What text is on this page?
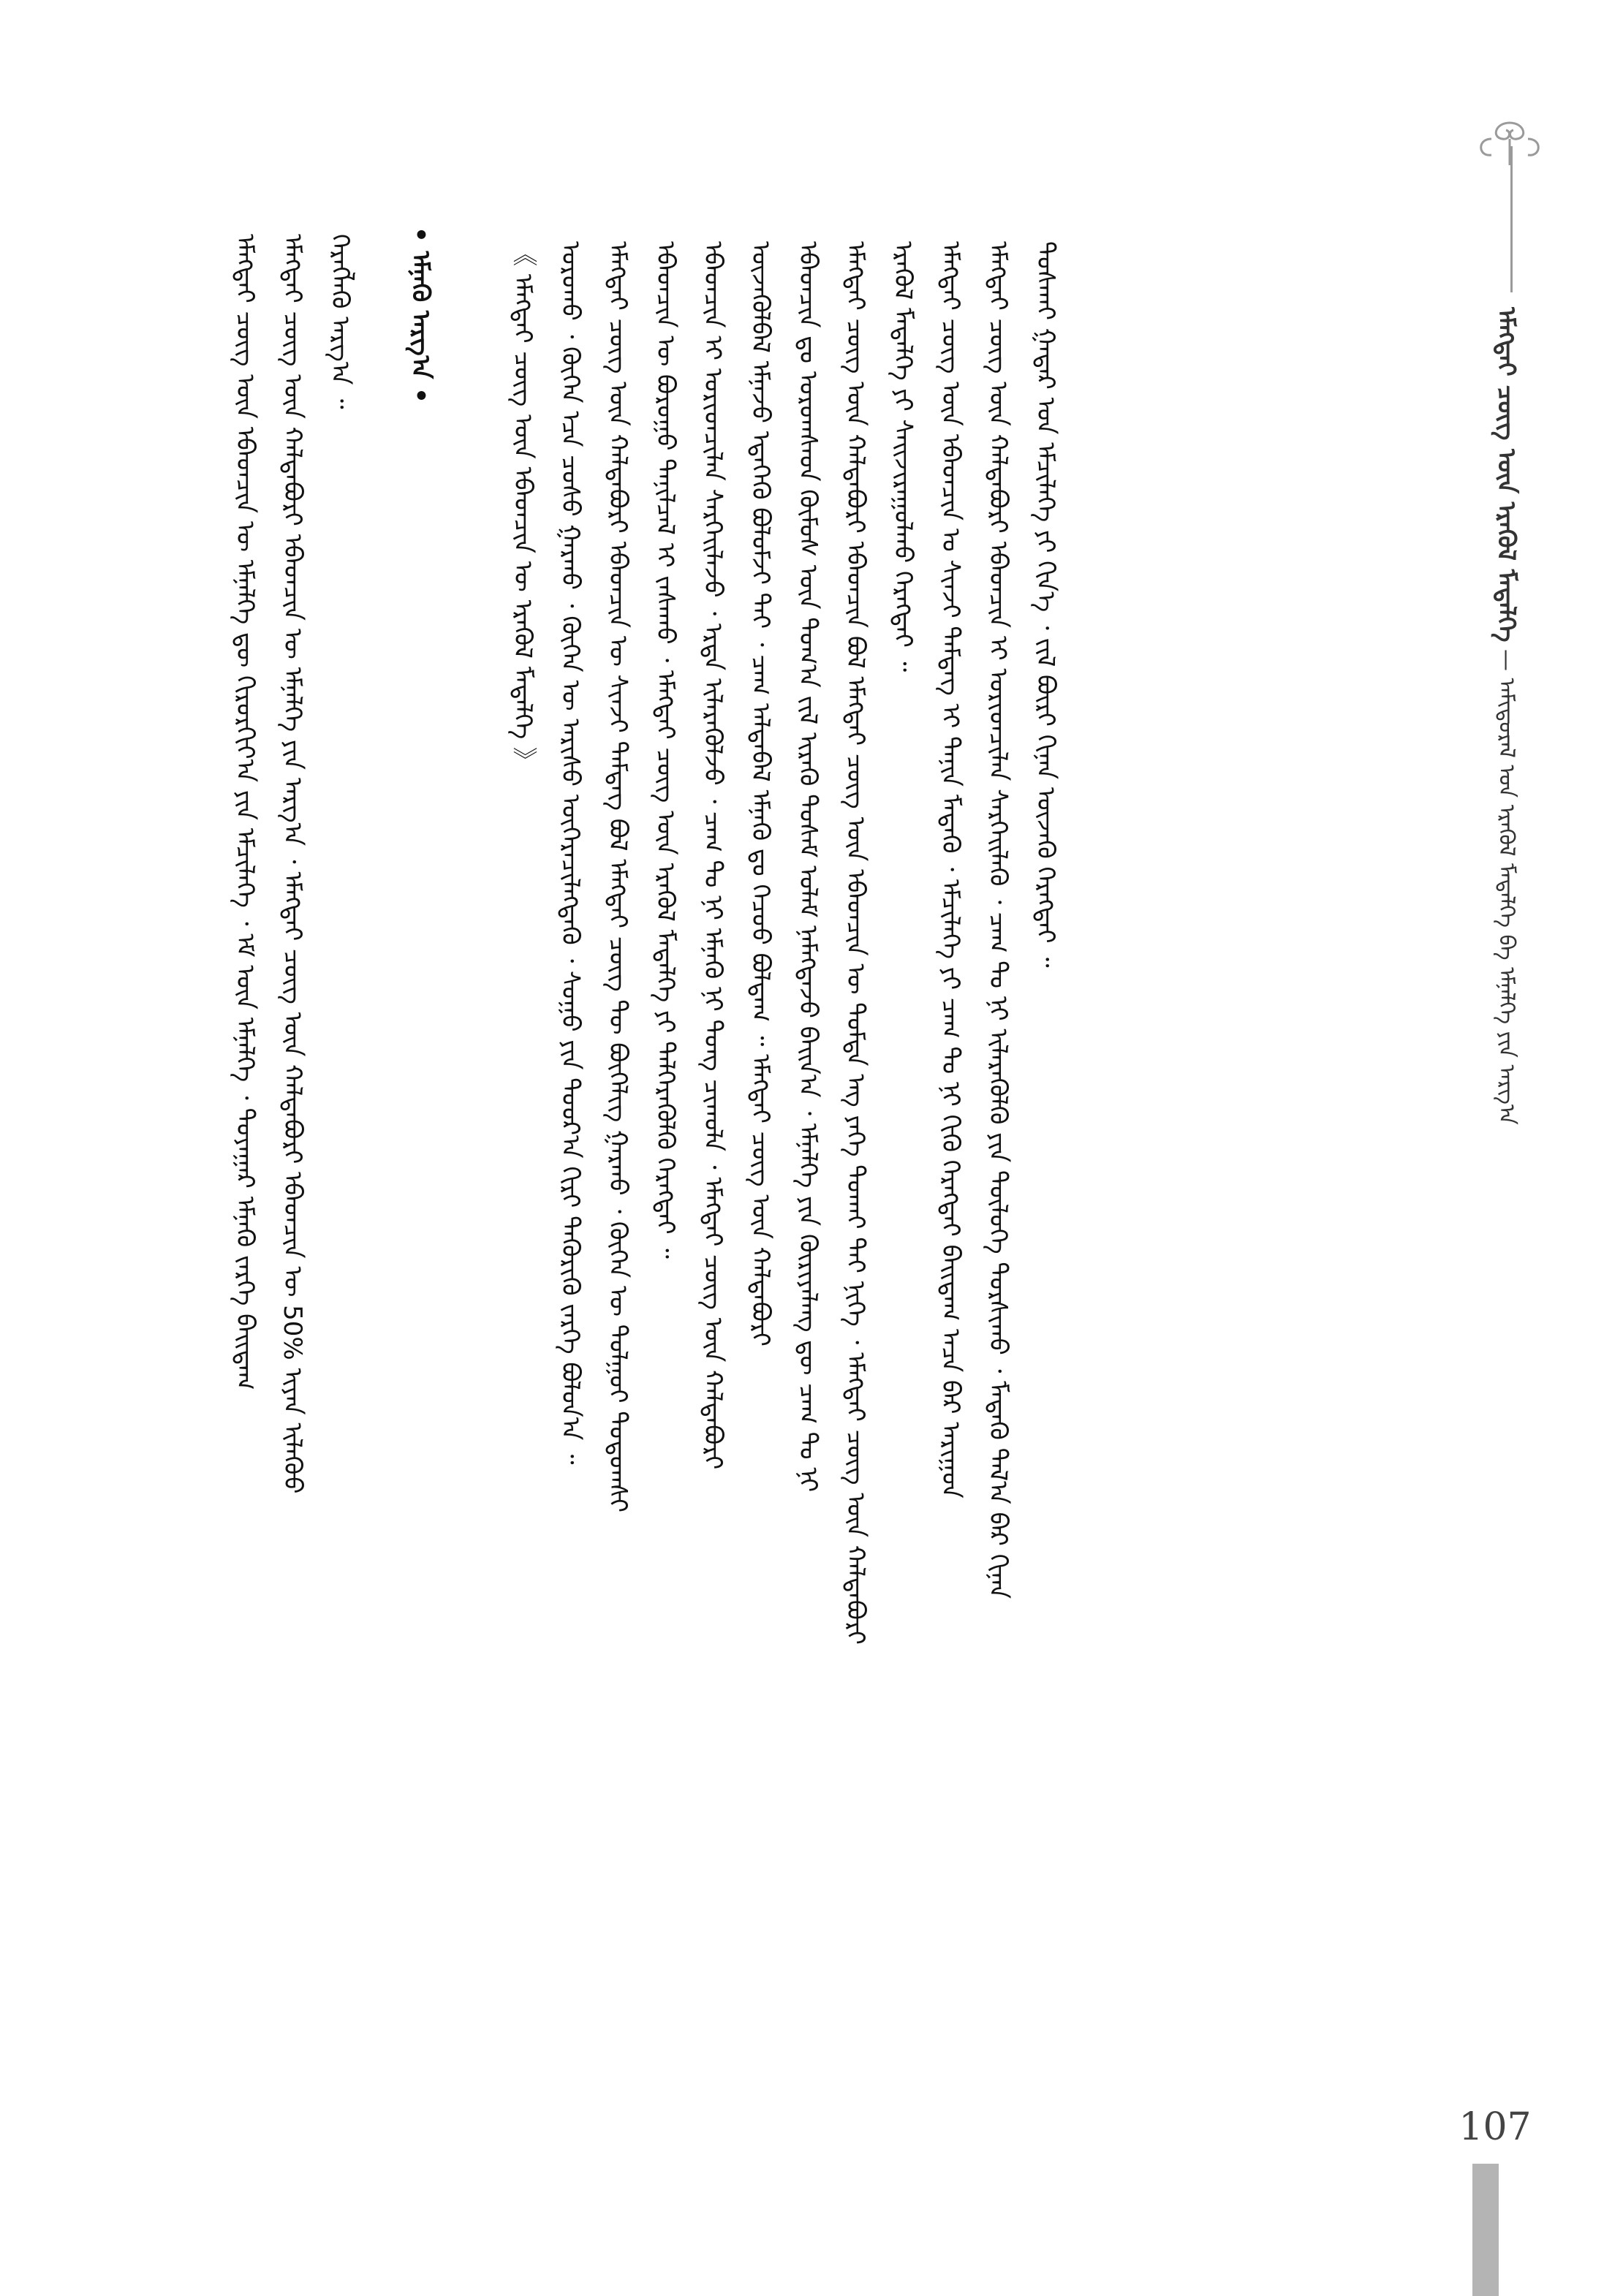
ᠡᠮᠡᠭᠲᠡᠢ ᠴᠦᠭ ᠦᠨ ᠡᠷᠡᠭᠦᠯ ᠮᠡᠳᠡᠯᠭᠡ — ᠠᠮᠢᠳᠤᠷᠠᠯ ᠤᠨ ᠡᠷᠡᠭᠦᠯ ᠮᠡᠳᠡᠯᠭᠡ ᠪᠠ ᠡᠮᠨᠡᠯᠭᠡ ᠶᠢᠨ ᠠᠷᠭ᠎ᠠ
ᠲᠤᠰᠬᠠᠢ ᠭᠠᠳᠠᠷ ᠤᠨ ᠡᠮᠴᠢᠯᠡᠭᠡ ᠶᠢ ᠬᠢᠨ᠎ᠡ ᠂ ᠵᠢᠯ ᠪᠦᠷᠢ ᠬᠢᠨᠠᠨ ᠦᠵᠡᠬᠦ ᠬᠡᠷᠡᠭᠲᠡᠢ ᠃
ᠡᠮᠡᠭᠲᠡᠢ ᠴᠦᠭ ᠦᠨ ᠬᠠᠯᠳᠠᠪᠤᠷᠢ ᠡᠪᠡᠳᠴᠢᠨ ᠢ ᠤᠷᠢᠳᠴᠢᠯᠠᠨ ᠰᠡᠷᠭᠡᠢᠯᠡᠬᠦ ᠂ ᠴᠠᠭ ᠲᠤ ᠨᠢ ᠢᠯᠡᠷᠡᠭᠦᠯᠬᠦ ᠶᠢᠨ ᠲᠥᠯᠥᠭᠡ ᠲᠤᠷᠰᠢᠬᠤ ᠂ ᠮᠡᠳᠡᠬᠦ ᠲᠠᠯ᠎ᠠ ᠪᠠᠷ ᠬᠢᠨᠠᠨ
ᠡᠮᠡᠭᠲᠡᠢ ᠴᠦᠭ ᠦᠨ ᠡᠪᠡᠳᠴᠢᠨ ᠤ ᠰᠢᠨᠵᠢ ᠲᠡᠮᠳᠡᠭ ᠢ ᠲᠠᠨᠢᠨ ᠮᠡᠳᠡᠬᠦ ᠂ ᠡᠮᠴᠢᠯᠡᠭᠡ ᠶᠢ ᠴᠠᠭ ᠲᠤ ᠨᠢ ᠬᠢᠬᠦ ᠬᠡᠷᠡᠭᠲᠡᠢ ᠪᠠᠢᠳᠠᠭ ᠠᠴᠠ ᠪᠡᠷ ᠠᠷᠢᠭᠤᠨ
ᠡᠷᠡᠭᠦᠯ ᠮᠡᠳᠡᠯᠭᠡ ᠶᠢ ᠰᠠᠢᠵᠢᠷᠠᠭᠤᠯᠬᠤ ᠬᠡᠷᠡᠭᠲᠡᠢ ᠃
ᠡᠮᠡᠭᠲᠡᠢ ᠴᠦᠭ ᠦᠨ ᠬᠠᠯᠳᠠᠪᠤᠷᠢ ᠡᠪᠡᠳᠴᠢᠨ ᠪᠣᠯ ᠡᠮᠡᠭᠲᠡᠢ ᠴᠦᠭ ᠦᠨ ᠡᠪᠡᠳᠴᠢᠨ ᠦ ᠳᠤᠮᠳᠠ ᠡᠩ ᠶᠡᠬᠡ ᠲᠤᠬᠠᠢ ᠲᠠᠢ ᠨᠢᠭᠡ ᠂ ᠡᠮᠡᠭᠲᠡᠢ ᠴᠦᠭ ᠦᠨ ᠬᠠᠯᠳᠠᠪᠤᠷᠢ
ᠡᠪᠡᠳᠴᠢᠨ ᠳᠤ ᠣᠷᠤᠭᠰᠠᠳ ᠬᠦᠮᠦᠰ ᠦᠨ ᠲᠣᠭ᠎ᠠ ᠵᠢᠯ ᠢᠷᠡᠬᠦ ᠲᠤᠰᠠᠮ ᠤᠯᠠᠮ ᠨᠡᠮᠡᠭᠳᠡᠵᠦ ᠪᠠᠢᠨ᠎ᠠ ᠂ ᠡᠮᠨᠡᠯᠭᠡ ᠶᠢᠨ ᠬᠦᠷᠢᠶᠡᠯᠡᠩ ᠳᠦ ᠴᠠᠭ ᠲᠤ ᠨᠢ
ᠦᠵᠡᠭᠦᠯᠪᠡᠯ ᠡᠮᠨᠡᠵᠦ ᠡᠳᠡᠭᠡᠬᠦ ᠪᠣᠯᠤᠮᠵᠢ ᠲᠠᠢ ᠂ ᠴᠠᠭ ᠠᠯᠳᠠᠪᠠᠯ ᠡᠮᠨᠡᠬᠦ ᠳᠤ ᠬᠡᠴᠦᠦ ᠪᠣᠯᠳᠠᠭ ᠃ ᠡᠮᠡᠭᠲᠡᠢ ᠴᠦᠭ ᠦᠨ ᠬᠠᠯᠳᠠᠪᠤᠷᠢ
ᠡᠪᠡᠳᠴᠢᠨ ᠢ ᠤᠷᠢᠳᠴᠢᠯᠠᠨ ᠰᠡᠷᠭᠡᠢᠯᠡᠵᠦ ᠂ ᠡᠷᠲᠡ ᠢᠯᠡᠷᠡᠭᠦᠯᠵᠦ ᠂ ᠴᠠᠭ ᠲᠤ ᠨᠢ ᠡᠮᠨᠡᠬᠦ ᠨᠢ ᠲᠤᠩ ᠴᠢᠬᠤᠯᠠ ᠂ ᠡᠮᠡᠭᠲᠡᠢ ᠴᠦᠭ ᠦᠨ ᠬᠠᠯᠳᠠᠪᠤᠷᠢ
ᠡᠪᠡᠳᠴᠢᠨ ᠦ ᠪᠤᠷᠤᠭᠤ ᠲᠠᠨᠢᠯᠴᠠᠯ ᠢ ᠵᠠᠰᠠᠬᠤ ᠂ ᠡᠮᠡᠭᠲᠡᠢ ᠴᠦᠭ ᠦᠨ ᠡᠷᠡᠭᠦᠯ ᠮᠡᠳᠡᠯᠭᠡ ᠶᠢ ᠳᠡᠯᠭᠡᠷᠡᠭᠦᠯᠬᠦ ᠬᠡᠷᠡᠭᠲᠡᠢ ᠃
ᠡᠮᠡᠭᠲᠡᠢ ᠴᠦᠭ ᠦᠨ ᠬᠠᠯᠳᠠᠪᠤᠷᠢ ᠡᠪᠡᠳᠴᠢᠨ ᠦ ᠰᠢᠨᠵᠢ ᠲᠡᠮᠳᠡᠭ ᠪᠣᠯ ᠡᠮᠡᠭᠲᠡᠢ ᠴᠦᠭ ᠲᠦ ᠪᠥᠬᠡᠯᠢᠭ ᠭᠠᠷᠬᠤ ᠂ ᠬᠥᠬᠡᠨ ᠦ ᠲᠣᠯᠭᠤᠢ ᠳᠣᠲᠣᠭᠰᠢ
ᠣᠷᠣᠬᠤ ᠂ ᠬᠥᠬᠡᠨ ᠡᠴᠡ ᠴᠤᠰᠤ ᠭᠠᠷᠬᠤ ᠂ ᠬᠥᠬᠡᠨ ᠦ ᠠᠷᠢᠰᠤ ᠥᠭᠡᠷᠡᠴᠢᠯᠡᠭᠳᠡᠬᠦ ᠂ ᠰᠤᠭᠤ ᠶᠢᠨ ᠳᠤᠤᠷ᠎ᠠ ᠬᠢᠷᠢ ᠲᠡᠭᠦᠷᠢᠬᠦ ᠵᠡᠷᠭᠡ ᠪᠣᠯᠤᠨ᠎ᠠ ᠃
《 ᠡᠮᠡᠭᠲᠡᠢ ᠴᠦᠭ ᠦᠨ ᠡᠪᠡᠳᠴᠢᠨ ᠦ ᠡᠷᠡᠭᠦᠯ ᠮᠡᠳᠡᠯᠭᠡ 》
• ᠡᠮᠨᠡᠬᠦ ᠠᠷᠭ᠎ᠠ •
ᠬᠡᠷᠡᠭᠯᠡᠬᠦ ᠠᠷᠭ᠎ᠠ ᠃
ᠡᠮᠡᠭᠲᠡᠢ ᠴᠦᠭ ᠦᠨ ᠬᠠᠯᠳᠠᠪᠤᠷᠢ ᠡᠪᠡᠳᠴᠢᠨ ᠦ ᠡᠮᠨᠡᠯᠭᠡ ᠶᠢᠨ ᠠᠷᠭ᠎ᠠ ᠂ ᠡᠮᠡᠭᠲᠡᠢ ᠴᠦᠭ ᠦᠨ ᠬᠠᠯᠳᠠᠪᠤᠷᠢ ᠡᠪᠡᠳᠴᠢᠨ ᠦ 50% ᠢᠶᠠᠨ ᠢᠯᠡᠭᠦᠦ
ᠡᠮᠡᠭᠲᠡᠢ ᠴᠦᠭ ᠦᠨ ᠡᠪᠡᠳᠴᠢᠨ ᠦ ᠡᠮᠨᠡᠯᠭᠡ ᠳᠦ ᠬᠢᠷᠤᠷᠭᠢᠶ᠎ᠠ ᠶᠢᠨ ᠡᠮᠴᠢᠯᠡᠭᠡ ᠂ ᠡᠮ ᠦᠨ ᠡᠮᠨᠡᠯᠭᠡ ᠂ ᠲᠤᠶᠠᠭᠠᠷ ᠡᠮᠨᠡᠬᠦ ᠵᠡᠷᠭᠡ ᠪᠠᠢᠳᠠᠭ
107
